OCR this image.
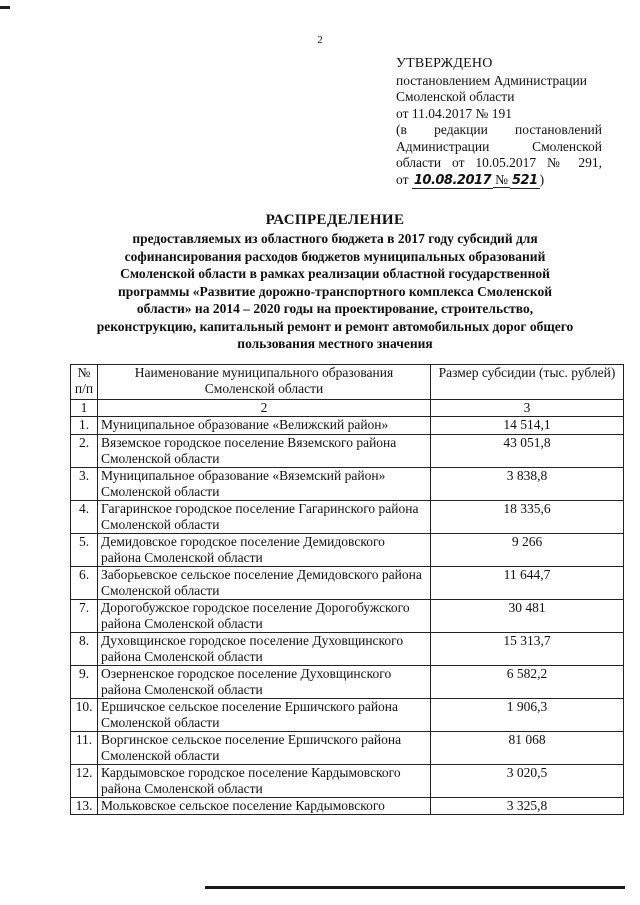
2
УТВЕРЖДЕНО
постановлением Администрации
Смоленской области
от 11.04.2017 № 191
(в редакции постановлений
Администрации Смоленской
области от 10.05.2017 № 291,
от 10.08.2017 № 521 )
РАСПРЕДЕЛЕНИЕ
предоставляемых из областного бюджета в 2017 году субсидий для
софинансирования расходов бюджетов муниципальных образований
Смоленской области в рамках реализации областной государственной
программы «Развитие дорожно-транспортного комплекса Смоленской
области» на 2014 – 2020 годы на проектирование, строительство,
реконструкцию, капитальный ремонт и ремонт автомобильных дорог общего
пользования местного значения
№ п/п	Наименование муниципального образования Смоленской области	Размер субсидии (тыс. рублей)
1	2	3
1.	Муниципальное образование «Велижский район»	14 514,1
2.	Вяземское городское поселение Вяземского района Смоленской области	43 051,8
3.	Муниципальное образование «Вяземский район» Смоленской области	3 838,8
4.	Гагаринское городское поселение Гагаринского района Смоленской области	18 335,6
5.	Демидовское городское поселение Демидовского района Смоленской области	9 266
6.	Заборьевское сельское поселение Демидовского района Смоленской области	11 644,7
7.	Дорогобужское городское поселение Дорогобужского района Смоленской области	30 481
8.	Духовщинское городское поселение Духовщинского района Смоленской области	15 313,7
9.	Озерненское городское поселение Духовщинского района Смоленской области	6 582,2
10.	Ершичское сельское поселение Ершичского района Смоленской области	1 906,3
11.	Воргинское сельское поселение Ершичского района Смоленской области	81 068
12.	Кардымовское городское поселение Кардымовского района Смоленской области	3 020,5
13.	Мольковское сельское поселение Кардымовского	3 325,8
